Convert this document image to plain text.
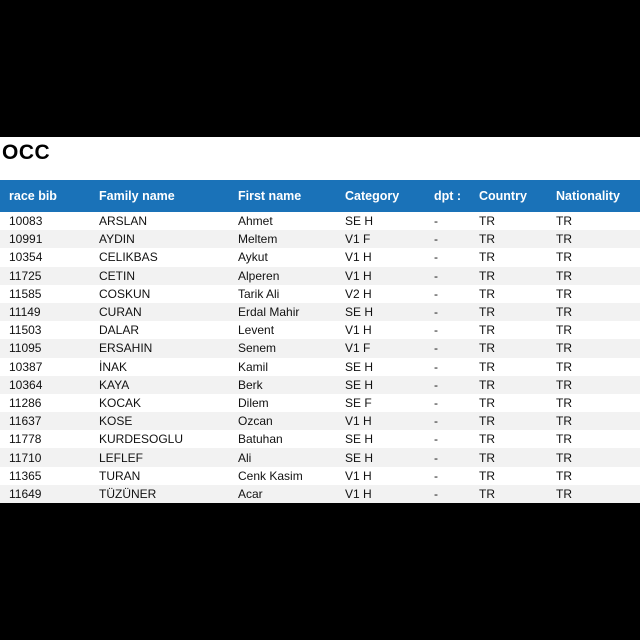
OCC
race bib	Family name	First name	Category	dpt :	Country	Nationality
10083	ARSLAN	Ahmet	SE H	-	TR	TR
10991	AYDIN	Meltem	V1 F	-	TR	TR
10354	CELIKBAS	Aykut	V1 H	-	TR	TR
11725	CETIN	Alperen	V1 H	-	TR	TR
11585	COSKUN	Tarik Ali	V2 H	-	TR	TR
11149	CURAN	Erdal Mahir	SE H	-	TR	TR
11503	DALAR	Levent	V1 H	-	TR	TR
11095	ERSAHIN	Senem	V1 F	-	TR	TR
10387	İNAK	Kamil	SE H	-	TR	TR
10364	KAYA	Berk	SE H	-	TR	TR
11286	KOCAK	Dilem	SE F	-	TR	TR
11637	KOSE	Ozcan	V1 H	-	TR	TR
11778	KURDESOGLU	Batuhan	SE H	-	TR	TR
11710	LEFLEF	Ali	SE H	-	TR	TR
11365	TURAN	Cenk Kasim	V1 H	-	TR	TR
11649	TÜZÜNER	Acar	V1 H	-	TR	TR
